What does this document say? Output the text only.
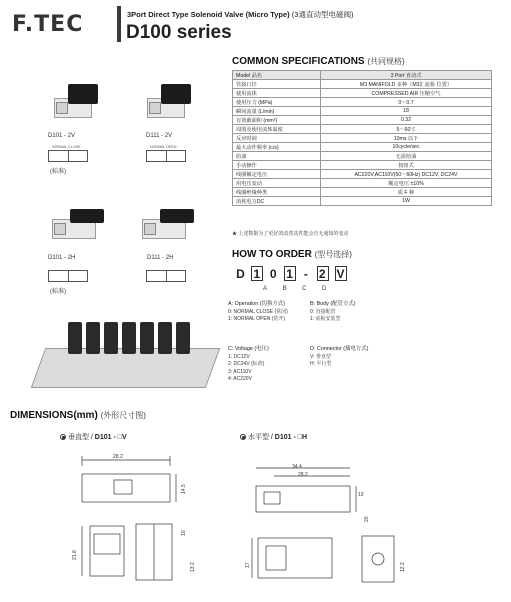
F.TEC	3Port Direct Type Solenoid Valve (Micro Type) (3通直动型电磁阀)
D100 series
D101 - 2V
NORMAL CLOSE
(标准)
D111 - 2V
NORMAL OPEN
D101 - 2H
(标准)
D111 - 2H
COMMON SPECIFICATIONS (共同规格)
Model 品名	3 Port 直动式
管接口径	M3 MANIFOLD 多种（M3汇流板 位置）
使用流体	COMPRESSED AIR 压缩空气
使用压力 (MPa)	0～0.7
瞬间流量 (L/min)	18
有效截面积 (mm²)	0.32
周围及使用流体温度	5～60℃
反应时间	10ms 以下
最大动作频率 (c/s)	10cycle/sec
给油	无需给油
手动操作	按钮式
线圈额定电压	AC220V,AC110V(50～60Hz) DC12V, DC24V
用电压变动	额定电压 ±10%
线圈绝缘种类	质 F 种
消耗电力DC	1W
★ 上述数据为了更好的改善其性能会有无通知的变动
HOW TO ORDER (型号选择)
D 1 0 1 - 2 V
A	B	C	D
A: Operation (切换方式)
0: NORMAL CLOSE (常闭)
1: NORMAL OPEN (常开)
B: Body (配管方式)
0: 直接配管
1: 底板安装型
C: Voltage (电压)
1: DC12V
2: DC24V (标准)
3: AC110V
4: AC220V
D: Connector (插电方式)
V: 垂直型
H: 平行型
DIMENSIONS(mm) (外形尺寸图)
垂直型 / D101 - □V	水平型 / D101 - □H
28.2
14.5
21.8
13.2
34.4
28.2
10
20
17	12.2
10
